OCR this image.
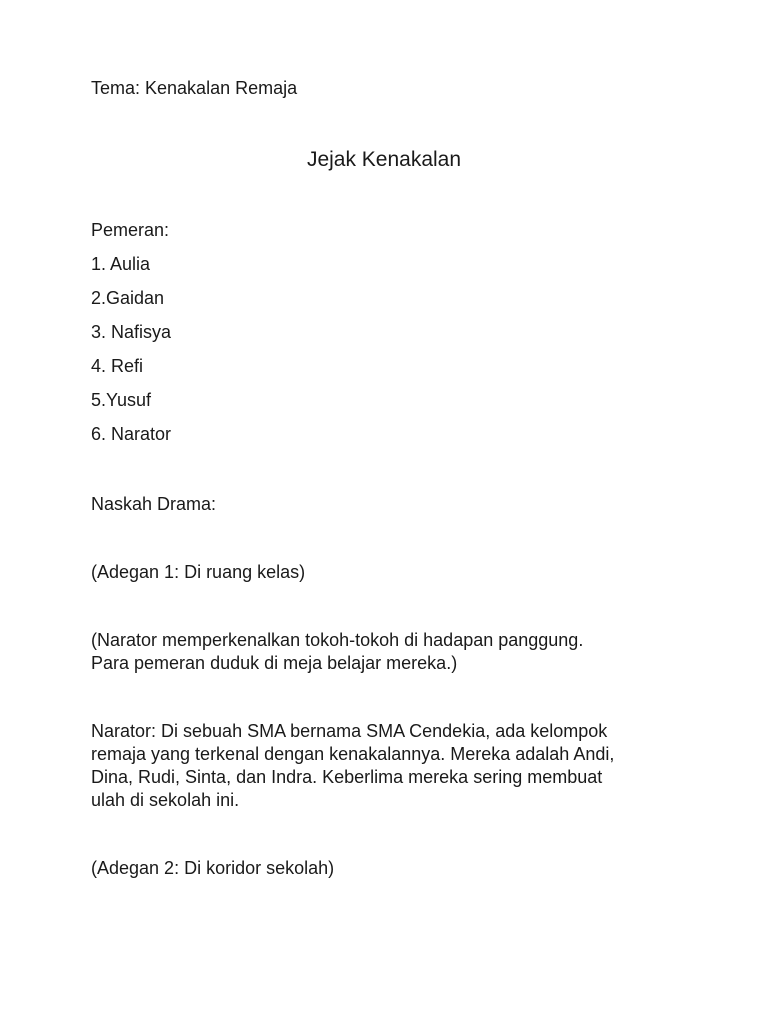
Tema: Kenakalan Remaja

Jejak Kenakalan

Pemeran:

1. Aulia

2.Gaidan

3. Nafisya

4. Refi

5.Yusuf

6. Narator

Naskah Drama:

(Adegan 1: Di ruang kelas)

(Narator memperkenalkan tokoh-tokoh di hadapan panggung.
Para pemeran duduk di meja belajar mereka.)
Narator: Di sebuah SMA bernama SMA Cendekia, ada kelompok
remaja yang terkenal dengan kenakalannya. Mereka adalah Andi,
Dina, Rudi, Sinta, dan Indra. Keberlima mereka sering membuat
ulah di sekolah ini.

(Adegan 2: Di koridor sekolah)
